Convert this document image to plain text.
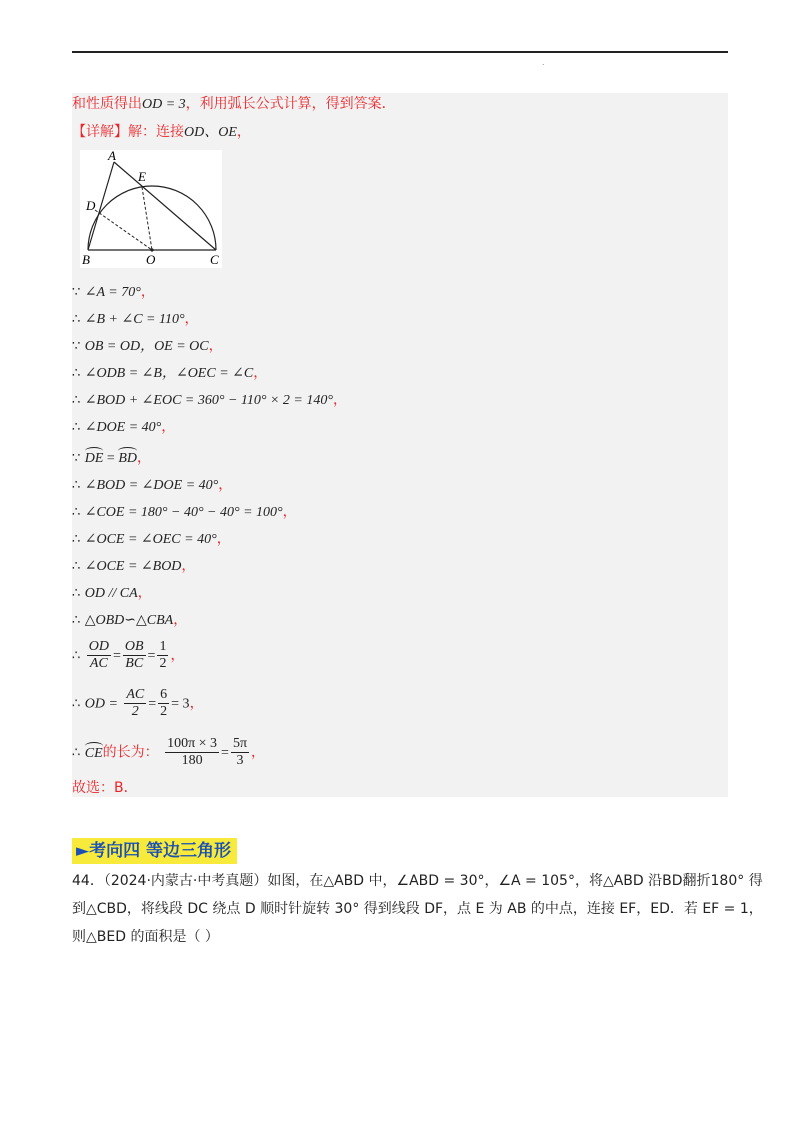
.
和性质得出OD = 3，利用弧长公式计算，得到答案．
【详解】解：连接OD、OE，
A
E
D
B	O	C
∵ ∠A = 70°，
∴ ∠B + ∠C = 110°，
∵ OB = OD，OE = OC，
∴ ∠ODB = ∠B，∠OEC = ∠C，
∴ ∠BOD + ∠EOC = 360° − 110° × 2 = 140°，
∴ ∠DOE = 40°，
∵ DE = BD，
∴ ∠BOD = ∠DOE = 40°，
∴ ∠COE = 180° − 40° − 40° = 100°，
∴ ∠OCE = ∠OEC = 40°，
∴ ∠OCE = ∠BOD，
∴ OD // CA，
∴ △OBD∽△CBA，
∴ $\frac{OD}{AC} = \frac{OB}{BC} = \frac{1}{2}$ ，
∴ OD = $\frac{AC}{2} = \frac{6}{2} = 3$，
∴ CE的长为： $\frac{100\pi \times 3}{180} = \frac{5\pi}{3}$ ，
故选：B．
►考向四 等边三角形
44．（2024·内蒙古·中考真题）如图，在△ABD 中，∠ABD = 30°，∠A = 105°，将△ABD 沿BD翻折180° 得
到△CBD，将线段 DC 绕点 D 顺时针旋转 30° 得到线段 DF，点 E 为 AB 的中点，连接 EF，ED．若 EF = 1，
则△BED 的面积是（ ）
